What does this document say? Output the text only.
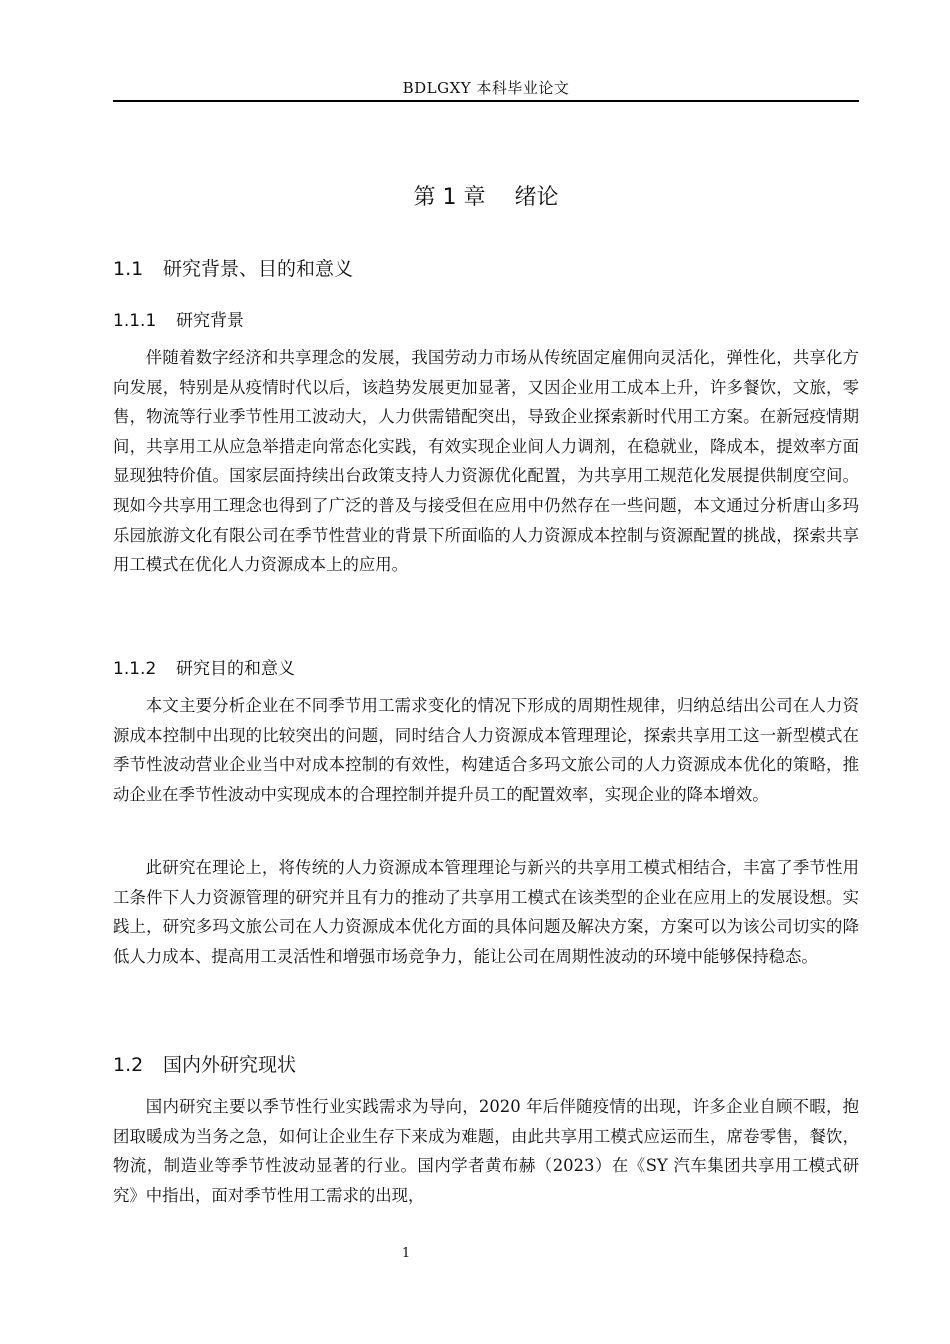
BDLGXY 本科毕业论文
第 1 章　 绪论
1.1 研究背景、目的和意义
1.1.1 研究背景

伴随着数字经济和共享理念的发展，我国劳动力市场从传统固定雇佣向灵活化，弹性化，共享化方向发展，特别是从疫情时代以后，该趋势发展更加显著，又因企业用工成本上升，许多餐饮，文旅，零售，物流等行业季节性用工波动大，人力供需错配突出，导致企业探索新时代用工方案。在新冠疫情期间，共享用工从应急举措走向常态化实践，有效实现企业间人力调剂，在稳就业，降成本，提效率方面显现独特价值。国家层面持续出台政策支持人力资源优化配置，为共享用工规范化发展提供制度空间。现如今共享用工理念也得到了广泛的普及与接受但在应用中仍然存在一些问题，本文通过分析唐山多玛乐园旅游文化有限公司在季节性营业的背景下所面临的人力资源成本控制与资源配置的挑战，探索共享用工模式在优化人力资源成本上的应用。

1.1.2 研究目的和意义

本文主要分析企业在不同季节用工需求变化的情况下形成的周期性规律，归纳总结出公司在人力资源成本控制中出现的比较突出的问题，同时结合人力资源成本管理理论，探索共享用工这一新型模式在季节性波动营业企业当中对成本控制的有效性，构建适合多玛文旅公司的人力资源成本优化的策略，推动企业在季节性波动中实现成本的合理控制并提升员工的配置效率，实现企业的降本增效。

此研究在理论上，将传统的人力资源成本管理理论与新兴的共享用工模式相结合，丰富了季节性用工条件下人力资源管理的研究并且有力的推动了共享用工模式在该类型的企业在应用上的发展设想。实践上，研究多玛文旅公司在人力资源成本优化方面的具体问题及解决方案，方案可以为该公司切实的降低人力成本、提高用工灵活性和增强市场竞争力，能让公司在周期性波动的环境中能够保持稳态。

1.2 国内外研究现状

国内研究主要以季节性行业实践需求为导向，2020 年后伴随疫情的出现，许多企业自顾不暇，抱团取暖成为当务之急，如何让企业生存下来成为难题，由此共享用工模式应运而生，席卷零售，餐饮，物流，制造业等季节性波动显著的行业。国内学者黄布赫（2023）在《SY 汽车集团共享用工模式研究》中指出，面对季节性用工需求的出现，

1
